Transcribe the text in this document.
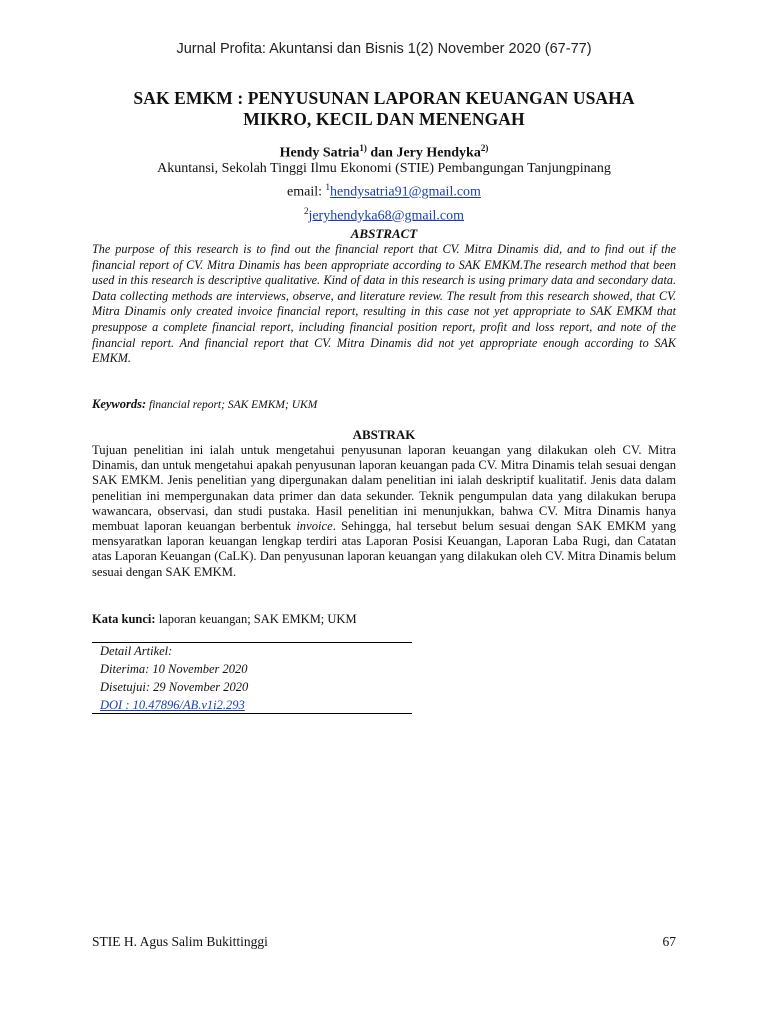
Jurnal Profita: Akuntansi dan Bisnis 1(2) November 2020 (67-77)
SAK EMKM : PENYUSUNAN LAPORAN KEUANGAN USAHA
MIKRO, KECIL DAN MENENGAH
Hendy Satria$^{1)}$ dan Jery Hendyka$^{2)}$
Akuntansi, Sekolah Tinggi Ilmu Ekonomi (STIE) Pembangungan Tanjungpinang
email: $^1$hendysatria91@gmail.com
$^2$jeryhendyka68@gmail.com
ABSTRACT
The purpose of this research is to find out the financial report that CV. Mitra Dinamis did, and to find out if the financial report of CV. Mitra Dinamis has been appropriate according to SAK EMKM.The research method that been used in this research is descriptive qualitative. Kind of data in this research is using primary data and secondary data. Data collecting methods are interviews, observe, and literature review. The result from this research showed, that CV. Mitra Dinamis only created invoice financial report, resulting in this case not yet appropriate to SAK EMKM that presuppose a complete financial report, including financial position report, profit and loss report, and note of the financial report. And financial report that CV. Mitra Dinamis did not yet appropriate enough according to SAK EMKM.
Keywords: financial report; SAK EMKM; UKM
ABSTRAK
Tujuan penelitian ini ialah untuk mengetahui penyusunan laporan keuangan yang dilakukan oleh CV. Mitra Dinamis, dan untuk mengetahui apakah penyusunan laporan keuangan pada CV. Mitra Dinamis telah sesuai dengan SAK EMKM. Jenis penelitian yang dipergunakan dalam penelitian ini ialah deskriptif kualitatif. Jenis data dalam penelitian ini mempergunakan data primer dan data sekunder. Teknik pengumpulan data yang dilakukan berupa wawancara, observasi, dan studi pustaka. Hasil penelitian ini menunjukkan, bahwa CV. Mitra Dinamis hanya membuat laporan keuangan berbentuk invoice. Sehingga, hal tersebut belum sesuai dengan SAK EMKM yang mensyaratkan laporan keuangan lengkap terdiri atas Laporan Posisi Keuangan, Laporan Laba Rugi, dan Catatan atas Laporan Keuangan (CaLK). Dan penyusunan laporan keuangan yang dilakukan oleh CV. Mitra Dinamis belum sesuai dengan SAK EMKM.
Kata kunci: laporan keuangan; SAK EMKM; UKM
Detail Artikel:
Diterima: 10 November 2020
Disetujui: 29 November 2020
DOI : 10.47896/AB.v1i2.293
STIE H. Agus Salim Bukittinggi	67
